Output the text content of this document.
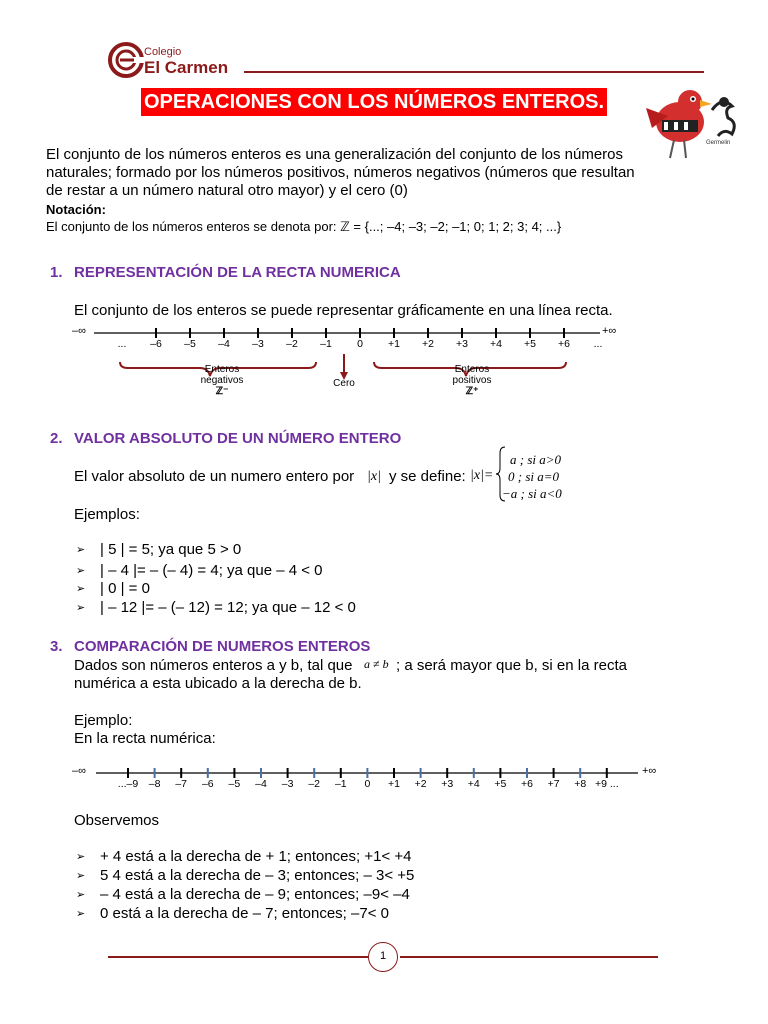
Colegio
El Carmen
OPERACIONES CON LOS NÚMEROS ENTEROS.
Germelin
El conjunto de los números enteros es una generalización del conjunto de los números
naturales; formado por los números positivos, números negativos (números que resultan
de restar a un número natural otro mayor) y el cero (0)
Notación:
El conjunto de los números enteros se denota por: ℤ = {...; –4; –3; –2; –1; 0; 1; 2; 3; 4; ...}
1. REPRESENTACIÓN DE LA RECTA NUMERICA
El conjunto de los enteros se puede representar gráficamente en una línea recta.
–∞	+∞
...	–6	–5	–4	–3	–2	–1	0	+1	+2	+3	+4	+5	+6	...
Enteros
negativos
ℤ⁻
Cero
Enteros
positivos
ℤ⁺
2. VALOR ABSOLUTO DE UN NÚMERO ENTERO
El valor absoluto de un numero entero por |x| y se define: |x|=
a ; si a>0
0 ; si a=0
−a ; si a<0
Ejemplos:
➢ | 5 | = 5; ya que 5 > 0
➢ | – 4 |= – (– 4) = 4; ya que – 4 < 0
➢ | 0 | = 0
➢ | – 12 |= – (– 12) = 12; ya que – 12 < 0
3. COMPARACIÓN DE NUMEROS ENTEROS
Dados son números enteros a y b, tal que a ≠ b ; a será mayor que b, si en la recta
numérica a esta ubicado a la derecha de b.
Ejemplo:
En la recta numérica:
–∞	+∞
...–9	–8	–7	–6	–5	–4	–3	–2	–1	0	+1	+2	+3	+4	+5	+6	+7	+8 +9 ...
Observemos
➢ + 4 está a la derecha de + 1; entonces; +1< +4
➢ 5 4 está a la derecha de – 3; entonces; – 3< +5
➢ – 4 está a la derecha de – 9; entonces; –9< –4
➢ 0 está a la derecha de – 7; entonces; –7< 0
1
